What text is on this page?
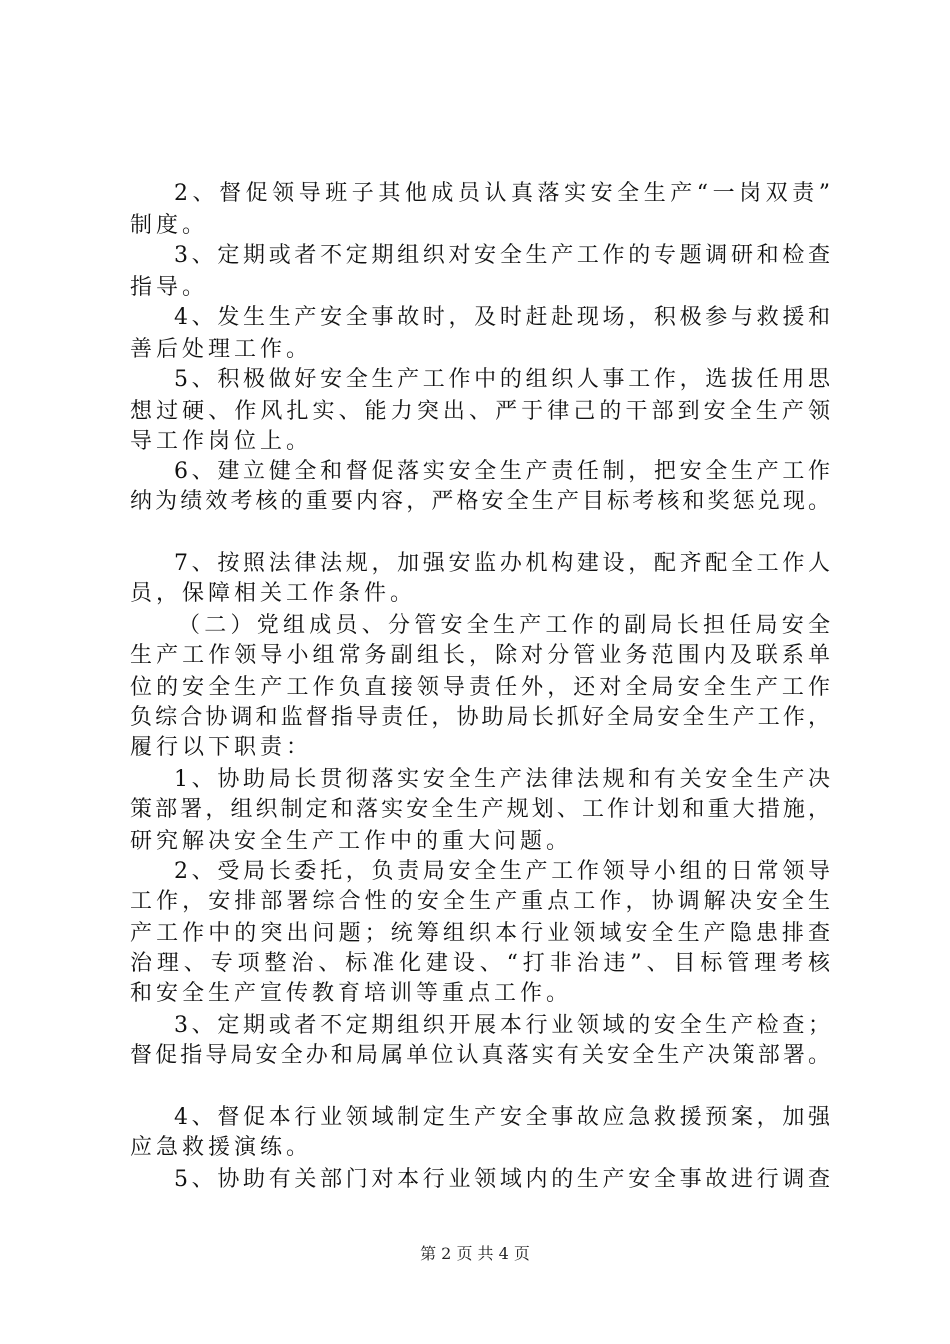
2、督促领导班子其他成员认真落实安全生产“一岗双责”
制度。
3、定期或者不定期组织对安全生产工作的专题调研和检查
指导。
4、发生生产安全事故时，及时赶赴现场，积极参与救援和
善后处理工作。
5、积极做好安全生产工作中的组织人事工作，选拔任用思
想过硬、作风扎实、能力突出、严于律己的干部到安全生产领
导工作岗位上。
6、建立健全和督促落实安全生产责任制，把安全生产工作
纳为绩效考核的重要内容，严格安全生产目标考核和奖惩兑现。
7、按照法律法规，加强安监办机构建设，配齐配全工作人
员，保障相关工作条件。
（二）党组成员、分管安全生产工作的副局长担任局安全
生产工作领导小组常务副组长，除对分管业务范围内及联系单
位的安全生产工作负直接领导责任外，还对全局安全生产工作
负综合协调和监督指导责任，协助局长抓好全局安全生产工作，
履行以下职责：
1、协助局长贯彻落实安全生产法律法规和有关安全生产决
策部署，组织制定和落实安全生产规划、工作计划和重大措施，
研究解决安全生产工作中的重大问题。
2、受局长委托，负责局安全生产工作领导小组的日常领导
工作，安排部署综合性的安全生产重点工作，协调解决安全生
产工作中的突出问题；统筹组织本行业领域安全生产隐患排查
治理、专项整治、标准化建设、“打非治违”、目标管理考核
和安全生产宣传教育培训等重点工作。
3、定期或者不定期组织开展本行业领域的安全生产检查；
督促指导局安全办和局属单位认真落实有关安全生产决策部署。
4、督促本行业领域制定生产安全事故应急救援预案，加强
应急救援演练。
5、协助有关部门对本行业领域内的生产安全事故进行调查
第 2 页 共 4 页
